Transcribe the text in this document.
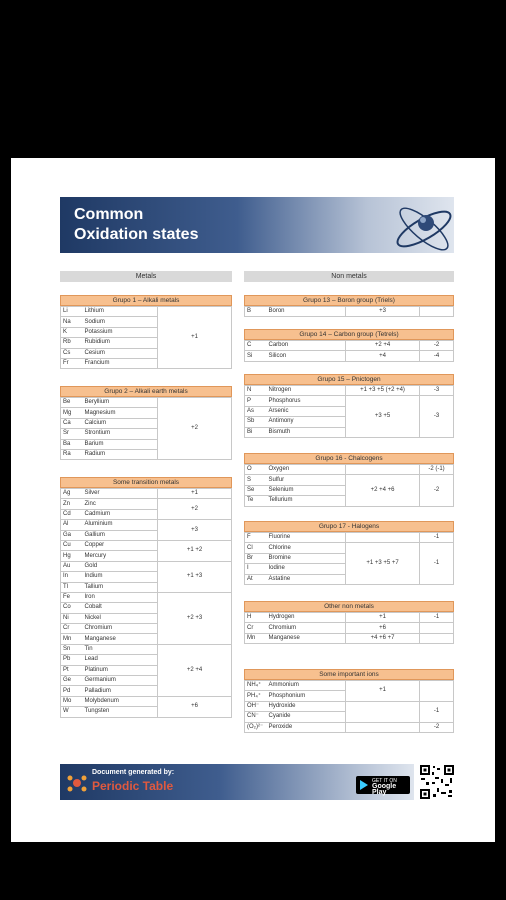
Common
Oxidation states
Metals
Grupo 1 – Alkali metals
Li	Lithium	+1
Na	Sodium	
K	Potassium	
Rb	Rubidium	
Cs	Cesium	
Fr	Francium	
Grupo 2 – Alkali earth metals
Be	Beryllium	+2
Mg	Magnesium	
Ca	Calcium	
Sr	Strontium	
Ba	Barium	
Ra	Radium	
Some transition metals
Ag	Silver	+1
Zn	Zinc	+2
Cd	Cadmium	
Al	Aluminium	+3
Ga	Gallium	
Cu	Copper	+1 +2
Hg	Mercury	
Au	Gold	+1 +3
In	Indium	
Tl	Tallium	
Fe	Iron	+2 +3
Co	Cobalt	
Ni	Nickel	
Cr	Chromium	
Mn	Manganese	
Sn	Tin	+2 +4
Pb	Lead	
Pt	Platinum	
Ge	Germanium	
Pd	Palladium	
Mo	Molybdenum	+6
W	Tungsten	
Non metals
Grupo 13 – Boron group (Triels)
B	Boron	+3	
Grupo 14 – Carbon group (Tetrels)
C	Carbon	+2 +4	-2
Si	Silicon	+4	-4
Grupo 15 – Pnictogen
N	Nitrogen	+1 +3 +5 (+2 +4)	-3
P	Phosphorus	+3 +5	-3
As	Arsenic		
Sb	Antimony		
Bi	Bismuth		
Grupo 16 - Chalcogens
O	Oxygen		-2 (-1)
S	Sulfur	+2 +4 +6	-2
Se	Selenium		
Te	Tellurium		
Grupo 17 - Halogens
F	Fluorine		-1
Cl	Chlorine	+1 +3 +5 +7	-1
Br	Bromine		
I	Iodine		
At	Astatine		
Other non metals
H	Hydrogen	+1	-1
Cr	Chromium	+6	
Mn	Manganese	+4 +6 +7	
Some important ions
NH₄⁺	Ammonium	+1	
PH₄⁺	Phosphonium		
OH⁻	Hydroxide		-1
CN⁻	Cyanide		
(O₂)²⁻	Peroxide		-2
Document generated by:
Periodic Table	GET IT ON
Google Play
